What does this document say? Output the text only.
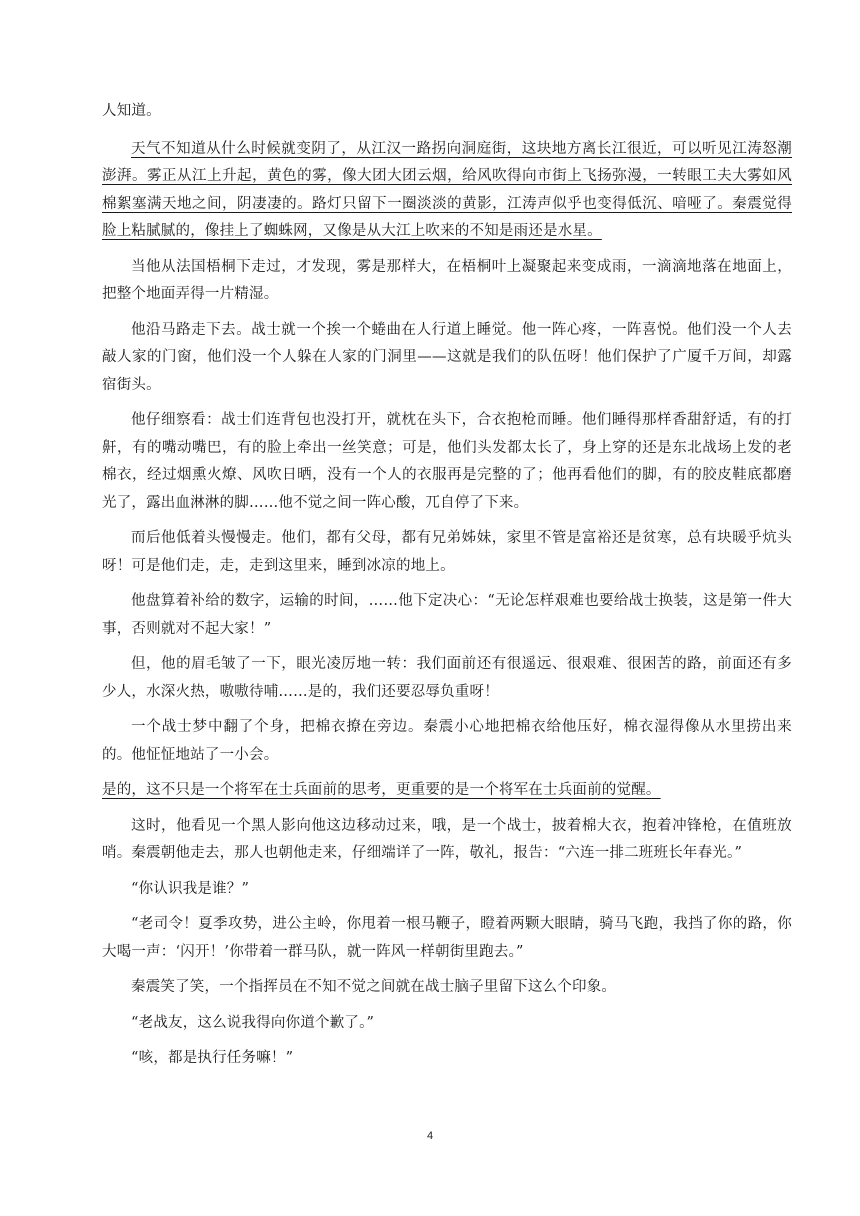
人知道。

天气不知道从什么时候就变阴了，从江汉一路拐向洞庭街，这块地方离长江很近，可以听见江涛怒潮澎湃。雾正从江上升起，黄色的雾，像大团大团云烟，给风吹得向市街上飞扬弥漫，一转眼工夫大雾如风棉絮塞满天地之间，阴凄凄的。路灯只留下一圈淡淡的黄影，江涛声似乎也变得低沉、喑哑了。秦震觉得脸上粘腻腻的，像挂上了蜘蛛网，又像是从大江上吹来的不知是雨还是水星。

当他从法国梧桐下走过，才发现，雾是那样大，在梧桐叶上凝聚起来变成雨，一滴滴地落在地面上，把整个地面弄得一片精湿。

他沿马路走下去。战士就一个挨一个蜷曲在人行道上睡觉。他一阵心疼，一阵喜悦。他们没一个人去敲人家的门窗，他们没一个人躲在人家的门洞里——这就是我们的队伍呀！他们保护了广厦千万间，却露宿街头。

他仔细察看：战士们连背包也没打开，就枕在头下，合衣抱枪而睡。他们睡得那样香甜舒适，有的打鼾，有的嘴动嘴巴，有的脸上牵出一丝笑意；可是，他们头发都太长了，身上穿的还是东北战场上发的老棉衣，经过烟熏火燎、风吹日晒，没有一个人的衣服再是完整的了；他再看他们的脚，有的胶皮鞋底都磨光了，露出血淋淋的脚……他不觉之间一阵心酸，兀自停了下来。

而后他低着头慢慢走。他们，都有父母，都有兄弟姊妹，家里不管是富裕还是贫寒，总有块暖乎炕头呀！可是他们走，走，走到这里来，睡到冰凉的地上。

他盘算着补给的数字，运输的时间，……他下定决心：“无论怎样艰难也要给战士换装，这是第一件大事，否则就对不起大家！”

但，他的眉毛皱了一下，眼光凌厉地一转：我们面前还有很遥远、很艰难、很困苦的路，前面还有多少人，水深火热，嗷嗷待哺……是的，我们还要忍辱负重呀！

一个战士梦中翻了个身，把棉衣撩在旁边。秦震小心地把棉衣给他压好，棉衣湿得像从水里捞出来的。他怔怔地站了一小会。

是的，这不只是一个将军在士兵面前的思考，更重要的是一个将军在士兵面前的觉醒。

这时，他看见一个黑人影向他这边移动过来，哦，是一个战士，披着棉大衣，抱着冲锋枪，在值班放哨。秦震朝他走去，那人也朝他走来，仔细端详了一阵，敬礼，报告：“六连一排二班班长年春光。”

“你认识我是谁？”

“老司令！夏季攻势，进公主岭，你甩着一根马鞭子，瞪着两颗大眼睛，骑马飞跑，我挡了你的路，你大喝一声：‘闪开！’你带着一群马队，就一阵风一样朝街里跑去。”

秦震笑了笑，一个指挥员在不知不觉之间就在战士脑子里留下这么个印象。

“老战友，这么说我得向你道个歉了。”

“咳，都是执行任务嘛！”

4
